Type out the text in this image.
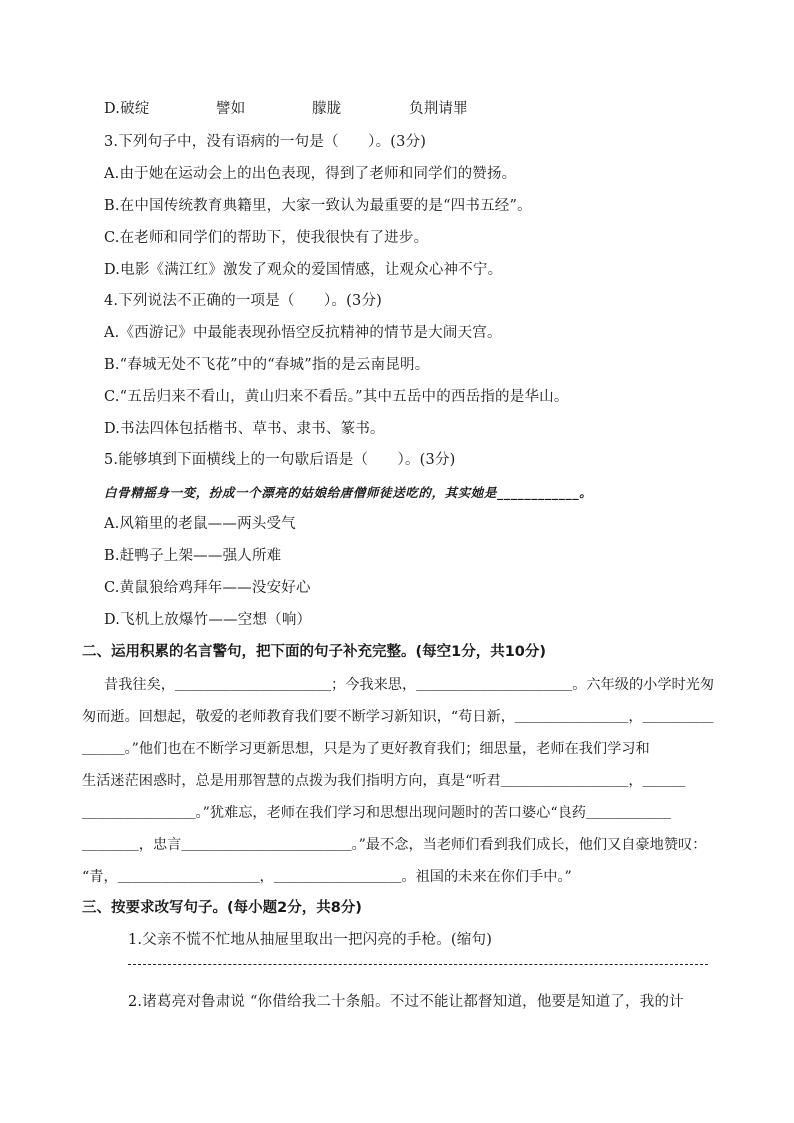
D.破绽	譬如	朦胧	负荆请罪
3.下列句子中，没有语病的一句是（　　）。(3分)
A.由于她在运动会上的出色表现，得到了老师和同学们的赞扬。
B.在中国传统教育典籍里，大家一致认为最重要的是“四书五经”。
C.在老师和同学们的帮助下，使我很快有了进步。
D.电影《满江红》激发了观众的爱国情感，让观众心神不宁。
4.下列说法不正确的一项是（　　）。(3分)
A.《西游记》中最能表现孙悟空反抗精神的情节是大闹天宫。
B.“春城无处不飞花”中的“春城”指的是云南昆明。
C.“五岳归来不看山，黄山归来不看岳。”其中五岳中的西岳指的是华山。
D.书法四体包括楷书、草书、隶书、篆书。
5.能够填到下面横线上的一句歇后语是（　　）。(3分)
白骨精摇身一变，扮成一个漂亮的姑娘给唐僧师徒送吃的，其实她是____________。
A.风箱里的老鼠——两头受气
B.赶鸭子上架——强人所难
C.黄鼠狼给鸡拜年——没安好心
D.飞机上放爆竹——空想（响）
二、运用积累的名言警句，把下面的句子补充完整。(每空1分，共10分)
昔我往矣，＿＿＿＿＿＿＿＿＿＿＿；今我来思，＿＿＿＿＿＿＿＿＿＿＿。六年级的小学时光匆
匆而逝。回想起，敬爱的老师教育我们要不断学习新知识，“苟日新，＿＿＿＿＿＿＿＿，＿＿＿＿＿
＿＿＿。”他们也在不断学习更新思想，只是为了更好教育我们；细思量，老师在我们学习和
生活迷茫困惑时，总是用那智慧的点拨为我们指明方向，真是“听君＿＿＿＿＿＿＿＿＿，＿＿＿
＿＿＿＿＿＿＿＿。”犹难忘，老师在我们学习和思想出现问题时的苦口婆心“良药＿＿＿＿＿＿
＿＿＿＿，忠言＿＿＿＿＿＿＿＿＿＿＿＿。”最不念，当老师们看到我们成长，他们又自豪地赞叹：
“青，＿＿＿＿＿＿＿＿＿＿，＿＿＿＿＿＿＿＿＿。祖国的未来在你们手中。”
三、按要求改写句子。(每小题2分，共8分)
1.父亲不慌不忙地从抽屉里取出一把闪亮的手枪。(缩句)
2.诸葛亮对鲁肃说 “你借给我二十条船。不过不能让都督知道，他要是知道了，我的计
